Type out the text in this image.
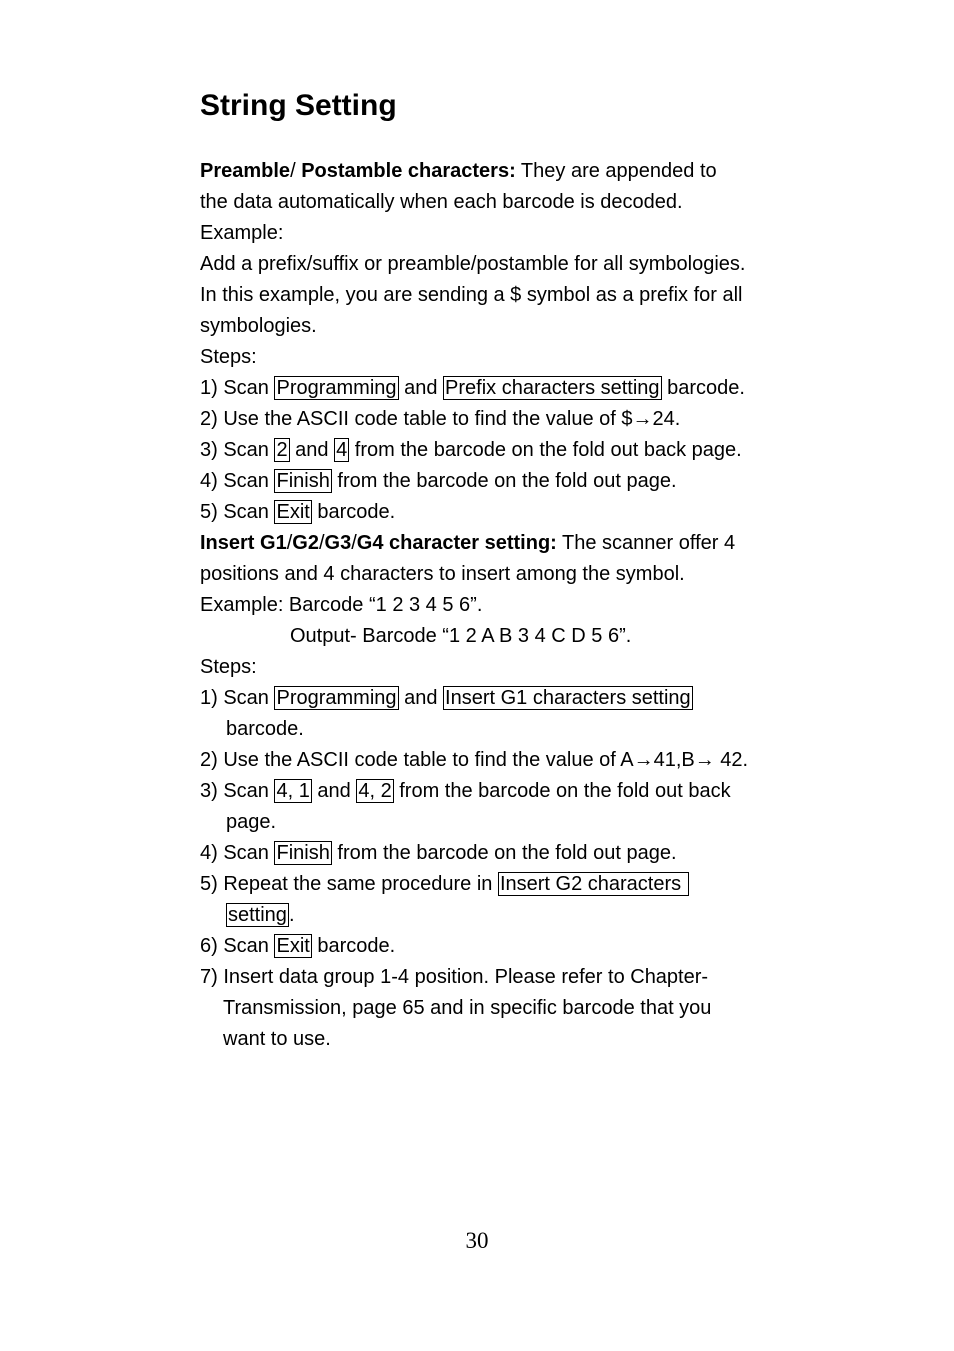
String Setting
Preamble/ Postamble characters: They are appended to
the data automatically when each barcode is decoded.
Example:
Add a prefix/suffix or preamble/postamble for all symbologies.
In this example, you are sending a $ symbol as a prefix for all
symbologies.
Steps:
1) Scan Programming and Prefix characters setting barcode.
2) Use the ASCII code table to find the value of $→24.
3) Scan 2 and 4 from the barcode on the fold out back page.
4) Scan Finish from the barcode on the fold out page.
5) Scan Exit barcode.
Insert G1/G2/G3/G4 character setting: The scanner offer 4
positions and 4 characters to insert among the symbol.
Example: Barcode “1 2 3 4 5 6”.
Output- Barcode “1 2 A B 3 4 C D 5 6”.
Steps:
1) Scan Programming and Insert G1 characters setting
barcode.
2) Use the ASCII code table to find the value of A→41,B→ 42.
3) Scan 4, 1 and 4, 2 from the barcode on the fold out back
page.
4) Scan Finish from the barcode on the fold out page.
5) Repeat the same procedure in Insert G2 characters
setting .
6) Scan Exit barcode.
7) Insert data group 1-4 position. Please refer to Chapter-
Transmission, page 65 and in specific barcode that you
want to use.
30
